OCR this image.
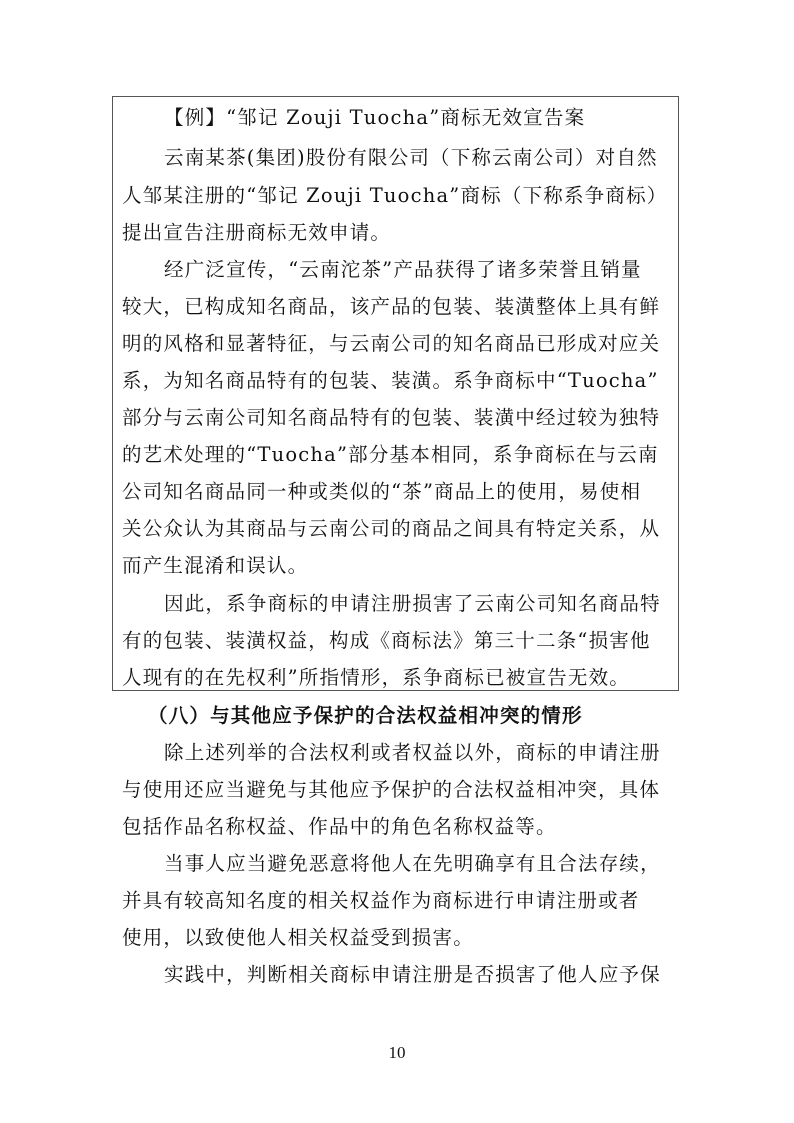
【例】“邹记 Zouji Tuocha”商标无效宣告案
云南某茶(集团)股份有限公司（下称云南公司）对自然
人邹某注册的“邹记 Zouji Tuocha”商标（下称系争商标）
提出宣告注册商标无效申请。
经广泛宣传，“云南沱茶”产品获得了诸多荣誉且销量
较大，已构成知名商品，该产品的包装、装潢整体上具有鲜
明的风格和显著特征，与云南公司的知名商品已形成对应关
系，为知名商品特有的包装、装潢。系争商标中“Tuocha”
部分与云南公司知名商品特有的包装、装潢中经过较为独特
的艺术处理的“Tuocha”部分基本相同，系争商标在与云南
公司知名商品同一种或类似的“茶”商品上的使用，易使相
关公众认为其商品与云南公司的商品之间具有特定关系，从
而产生混淆和误认。
因此，系争商标的申请注册损害了云南公司知名商品特
有的包装、装潢权益，构成《商标法》第三十二条“损害他
人现有的在先权利”所指情形，系争商标已被宣告无效。
（八）与其他应予保护的合法权益相冲突的情形
除上述列举的合法权利或者权益以外，商标的申请注册
与使用还应当避免与其他应予保护的合法权益相冲突，具体
包括作品名称权益、作品中的角色名称权益等。
当事人应当避免恶意将他人在先明确享有且合法存续，
并具有较高知名度的相关权益作为商标进行申请注册或者
使用，以致使他人相关权益受到损害。
实践中，判断相关商标申请注册是否损害了他人应予保
10
